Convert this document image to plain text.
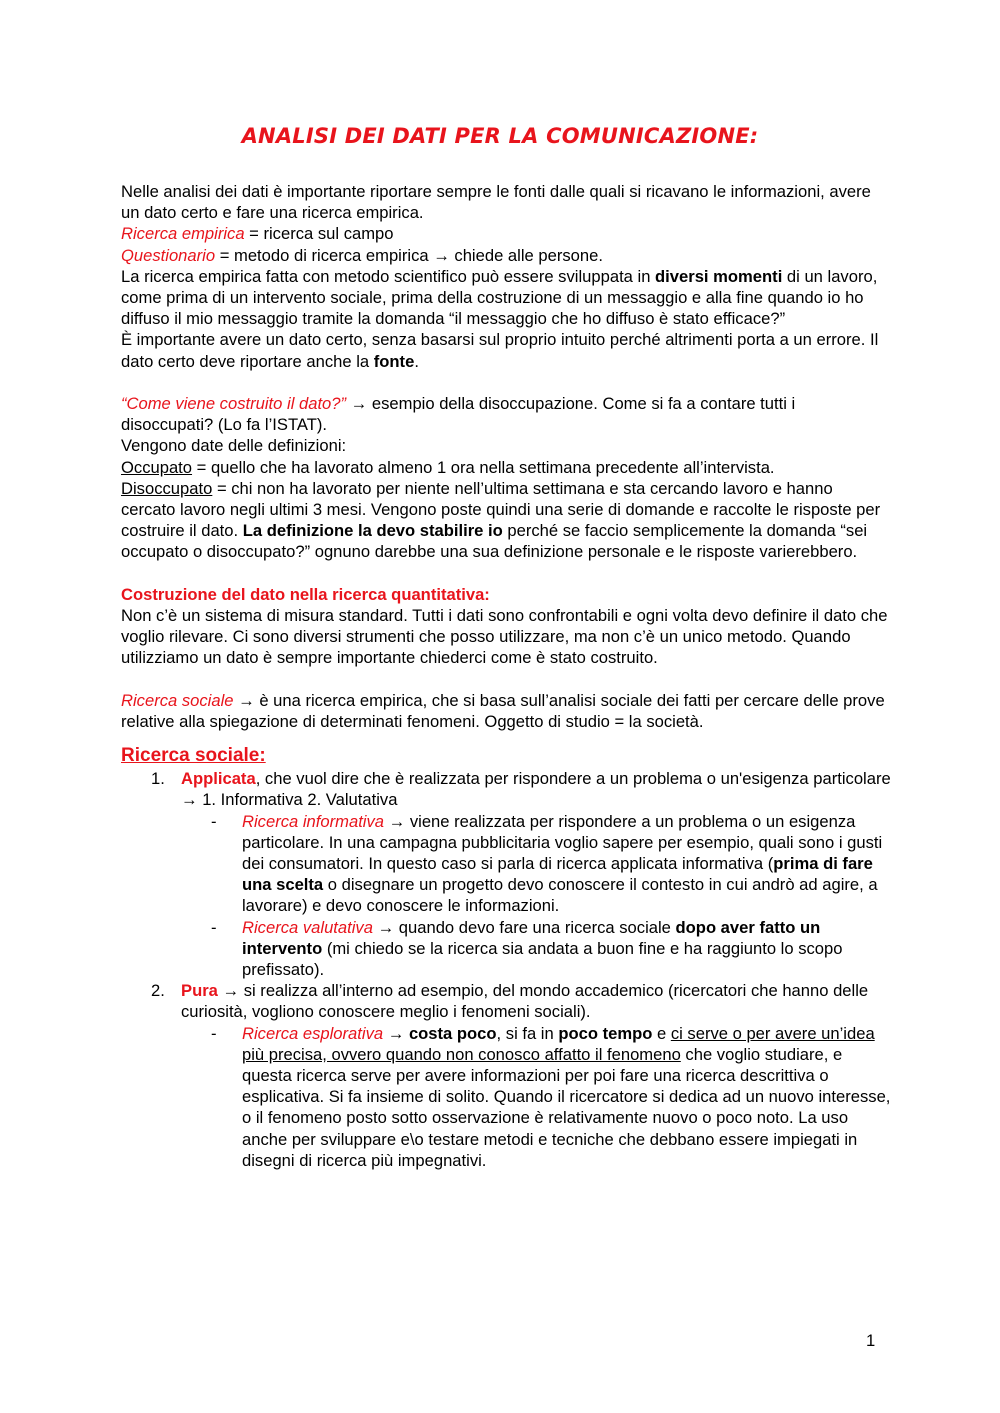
ANALISI DEI DATI PER LA COMUNICAZIONE:

Nelle analisi dei dati è importante riportare sempre le fonti dalle quali si ricavano le informazioni, avere un dato certo e fare una ricerca empirica.

Ricerca empirica = ricerca sul campo

Questionario = metodo di ricerca empirica → chiede alle persone.

La ricerca empirica fatta con metodo scientifico può essere sviluppata in diversi momenti di un lavoro, come prima di un intervento sociale, prima della costruzione di un messaggio e alla fine quando io ho diffuso il mio messaggio tramite la domanda “il messaggio che ho diffuso è stato efficace?”

È importante avere un dato certo, senza basarsi sul proprio intuito perché altrimenti porta a un errore. Il dato certo deve riportare anche la fonte.

“Come viene costruito il dato?” → esempio della disoccupazione. Come si fa a contare tutti i disoccupati? (Lo fa l’ISTAT).

Vengono date delle definizioni:

Occupato = quello che ha lavorato almeno 1 ora nella settimana precedente all’intervista.

Disoccupato = chi non ha lavorato per niente nell’ultima settimana e sta cercando lavoro e hanno cercato lavoro negli ultimi 3 mesi. Vengono poste quindi una serie di domande e raccolte le risposte per costruire il dato. La definizione la devo stabilire io perché se faccio semplicemente la domanda “sei occupato o disoccupato?” ognuno darebbe una sua definizione personale e le risposte varierebbero.

Costruzione del dato nella ricerca quantitativa:

Non c’è un sistema di misura standard. Tutti i dati sono confrontabili e ogni volta devo definire il dato che voglio rilevare. Ci sono diversi strumenti che posso utilizzare, ma non c’è un unico metodo. Quando utilizziamo un dato è sempre importante chiederci come è stato costruito.

Ricerca sociale → è una ricerca empirica, che si basa sull’analisi sociale dei fatti per cercare delle prove relative alla spiegazione di determinati fenomeni. Oggetto di studio = la società.

Ricerca sociale:

1. Applicata, che vuol dire che è realizzata per rispondere a un problema o un'esigenza particolare → 1. Informativa 2. Valutativa
- Ricerca informativa → viene realizzata per rispondere a un problema o un esigenza particolare. In una campagna pubblicitaria voglio sapere per esempio, quali sono i gusti dei consumatori. In questo caso si parla di ricerca applicata informativa (prima di fare una scelta o disegnare un progetto devo conoscere il contesto in cui andrò ad agire, a lavorare) e devo conoscere le informazioni.
- Ricerca valutativa → quando devo fare una ricerca sociale dopo aver fatto un intervento (mi chiedo se la ricerca sia andata a buon fine e ha raggiunto lo scopo prefissato).
2. Pura → si realizza all’interno ad esempio, del mondo accademico (ricercatori che hanno delle curiosità, vogliono conoscere meglio i fenomeni sociali).
- Ricerca esplorativa → costa poco, si fa in poco tempo e ci serve o per avere un’idea più precisa, ovvero quando non conosco affatto il fenomeno che voglio studiare, e questa ricerca serve per avere informazioni per poi fare una ricerca descrittiva o esplicativa. Si fa insieme di solito. Quando il ricercatore si dedica ad un nuovo interesse, o il fenomeno posto sotto osservazione è relativamente nuovo o poco noto. La uso anche per sviluppare e\o testare metodi e tecniche che debbano essere impiegati in disegni di ricerca più impegnativi.
1
